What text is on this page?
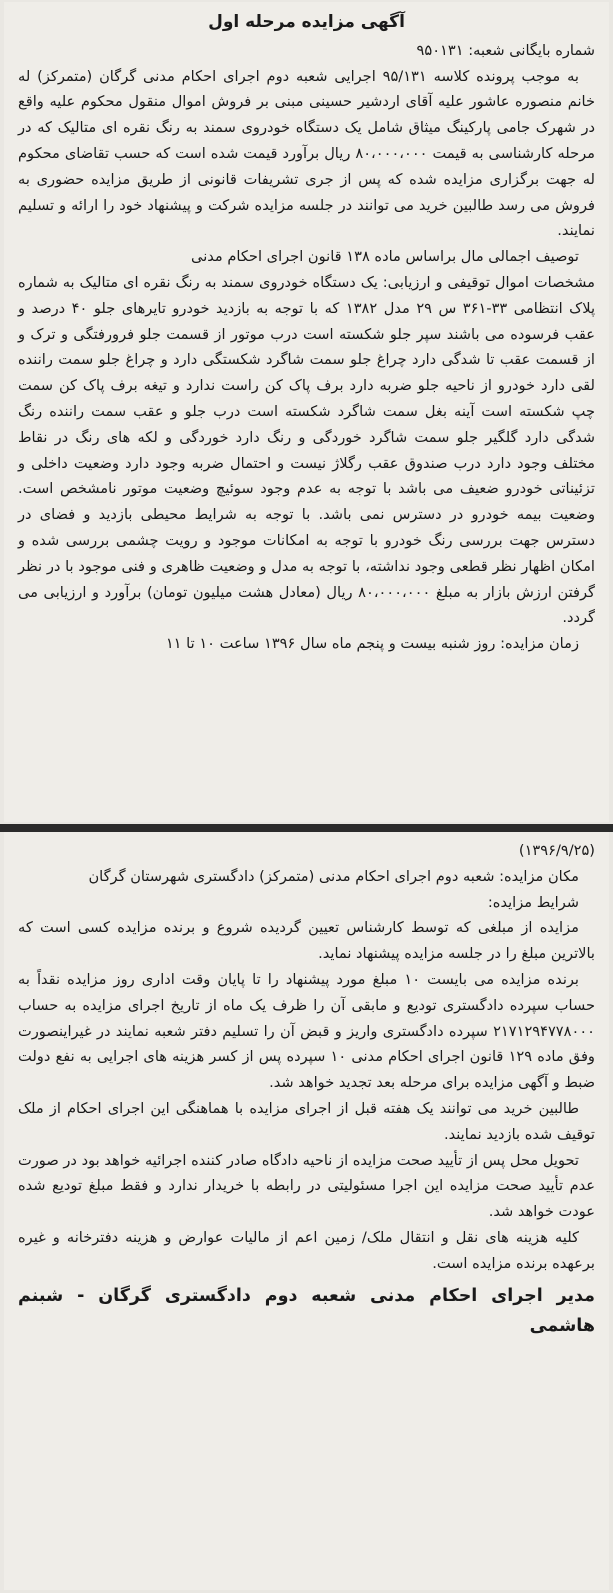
آگهی مزایده مرحله اول

شماره بایگانی شعبه: ۹۵۰۱۳۱

به موجب پرونده کلاسه ۹۵/۱۳۱ اجرایی شعبه دوم اجرای احکام مدنی گرگان (متمرکز) له خانم منصوره عاشور علیه آقای اردشیر حسینی مبنی بر فروش اموال منقول محکوم علیه واقع در شهرک جامی پارکینگ میثاق شامل یک دستگاه خودروی سمند به رنگ نقره ای متالیک که در مرحله کارشناسی به قیمت ۸۰،۰۰۰،۰۰۰ ریال برآورد قیمت شده است که حسب تقاضای محکوم له جهت برگزاری مزایده شده که پس از جری تشریفات قانونی از طریق مزایده حضوری به فروش می رسد طالبین خرید می توانند در جلسه مزایده شرکت و پیشنهاد خود را ارائه و تسلیم نمایند.

توصیف اجمالی مال براساس ماده ۱۳۸ قانون اجرای احکام مدنی

مشخصات اموال توقیفی و ارزیابی: یک دستگاه خودروی سمند به رنگ نقره ای متالیک به شماره پلاک انتظامی ۳۳-۳۶۱ س ۲۹ مدل ۱۳۸۲ که با توجه به بازدید خودرو تایرهای جلو ۴۰ درصد و عقب فرسوده می باشند سپر جلو شکسته است درب موتور از قسمت جلو فرورفتگی و ترک و از قسمت عقب تا شدگی دارد چراغ جلو سمت شاگرد شکستگی دارد و چراغ جلو سمت راننده لقی دارد خودرو از ناحیه جلو ضربه دارد برف پاک کن راست ندارد و تیغه برف پاک کن سمت چپ شکسته است آینه بغل سمت شاگرد شکسته است درب جلو و عقب سمت راننده رنگ شدگی دارد گلگیر جلو سمت شاگرد خوردگی و رنگ دارد خوردگی و لکه های رنگ در نقاط مختلف وجود دارد درب صندوق عقب رگلاژ نیست و احتمال ضربه وجود دارد وضعیت داخلی و تزئیناتی خودرو ضعیف می باشد با توجه به عدم وجود سوئیچ وضعیت موتور نامشخص است. وضعیت بیمه خودرو در دسترس نمی باشد. با توجه به شرایط محیطی بازدید و فضای در دسترس جهت بررسی رنگ خودرو با توجه به امکانات موجود و رویت چشمی بررسی شده و امکان اظهار نظر قطعی وجود نداشته، با توجه به مدل و وضعیت ظاهری و فنی موجود با در نظر گرفتن ارزش بازار به مبلغ ۸۰،۰۰۰،۰۰۰ ریال (معادل هشت میلیون تومان) برآورد و ارزیابی می گردد.

زمان مزایده: روز شنبه بیست و پنجم ماه سال ۱۳۹۶ ساعت ۱۰ تا ۱۱

(۱۳۹۶/۹/۲۵)

مکان مزایده: شعبه دوم اجرای احکام مدنی (متمرکز) دادگستری شهرستان گرگان

شرایط مزایده:

مزایده از مبلغی که توسط کارشناس تعیین گردیده شروع و برنده مزایده کسی است که بالاترین مبلغ را در جلسه مزایده پیشنهاد نماید.

برنده مزایده می بایست ۱۰ مبلغ مورد پیشنهاد را تا پایان وقت اداری روز مزایده نقداً به حساب سپرده دادگستری تودیع و مابقی آن را ظرف یک ماه از تاریخ اجرای مزایده به حساب ۲۱۷۱۲۹۴۷۷۸۰۰۰ سپرده دادگستری واریز و قبض آن را تسلیم دفتر شعبه نمایند در غیراینصورت وفق ماده ۱۲۹ قانون اجرای احکام مدنی ۱۰ سپرده پس از کسر هزینه های اجرایی به نفع دولت ضبط و آگهی مزایده برای مرحله بعد تجدید خواهد شد.

طالبین خرید می توانند یک هفته قبل از اجرای مزایده با هماهنگی این اجرای احکام از ملک توقیف شده بازدید نمایند.

تحویل محل پس از تأیید صحت مزایده از ناحیه دادگاه صادر کننده اجرائیه خواهد بود در صورت عدم تأیید صحت مزایده این اجرا مسئولیتی در رابطه با خریدار ندارد و فقط مبلغ تودیع شده عودت خواهد شد.

کلیه هزینه های نقل و انتقال ملک/ زمین اعم از مالیات عوارض و هزینه دفترخانه و غیره برعهده برنده مزایده است.

مدیر اجرای احکام مدنی شعبه دوم دادگستری گرگان - شبنم هاشمی
